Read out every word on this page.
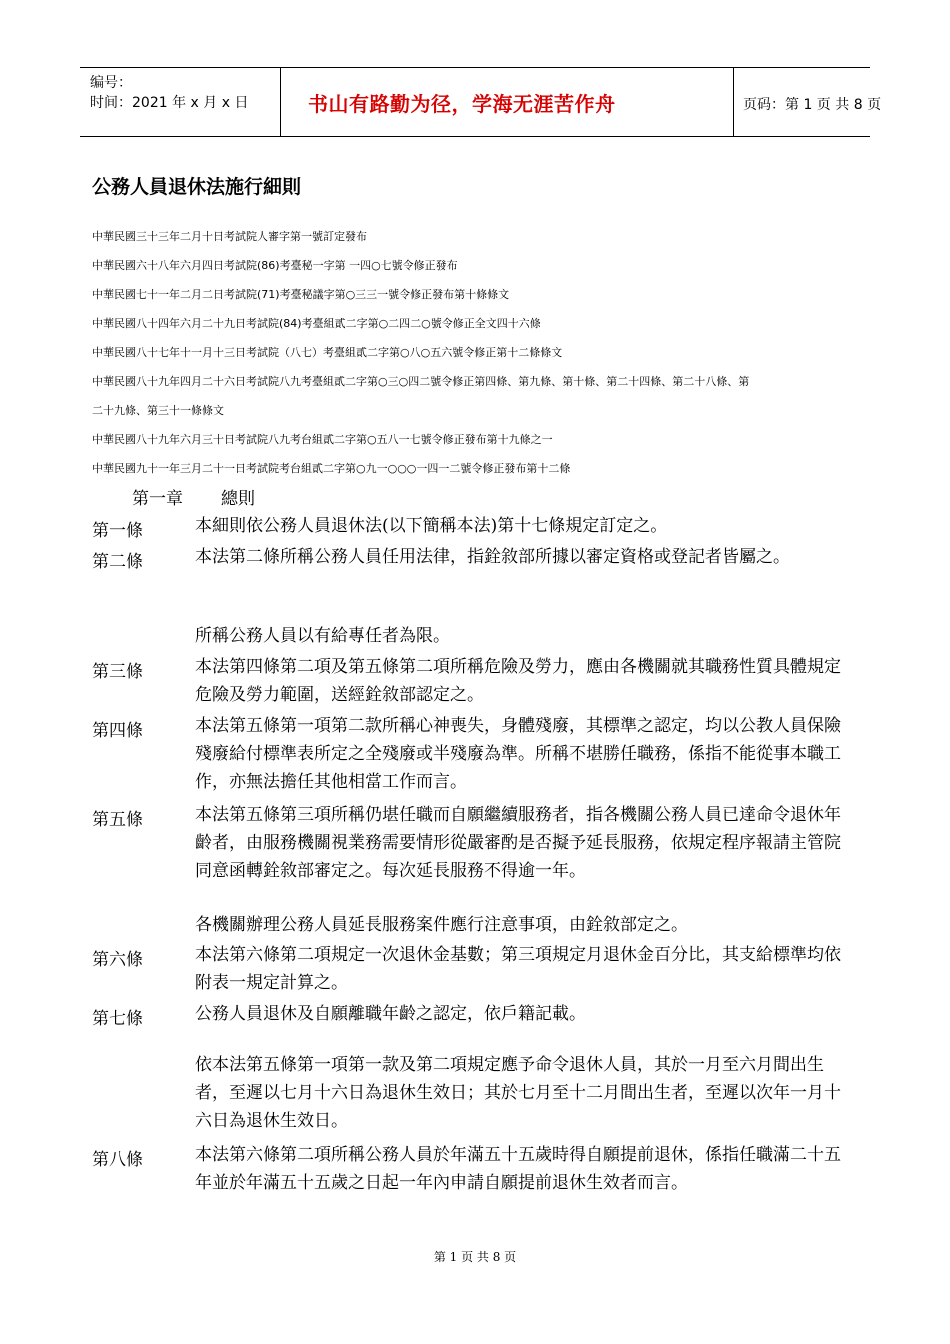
编号：
时间：2021 年 x 月 x 日	书山有路勤为径，学海无涯苦作舟	页码：第 1 页 共 8 页
公務人員退休法施行細則
中華民國三十三年二月十日考試院人審字第一號訂定發布
中華民國六十八年六月四日考試院(86)考臺秘一字第 一四○七號令修正發布
中華民國七十一年二月二日考試院(71)考臺秘議字第○三三一號令修正發布第十條條文
中華民國八十四年六月二十九日考試院(84)考臺組貳二字第○二四二○號令修正全文四十六條
中華民國八十七年十一月十三日考試院（八七）考臺組貳二字第○八○五六號令修正第十二條條文
中華民國八十九年四月二十六日考試院八九考臺組貳二字第○三○四二號令修正第四條、第九條、第十條、第二十四條、第二十八條、第
二十九條、第三十一條條文
中華民國八十九年六月三十日考試院八九考台組貳二字第○五八一七號令修正發布第十九條之一
中華民國九十一年三月二十一日考試院考台組貳二字第○九一○○○一四一二號令修正發布第十二條
第一章 總則
第一條	本細則依公務人員退休法(以下簡稱本法)第十七條規定訂定之。
第二條	本法第二條所稱公務人員任用法律，指銓敘部所據以審定資格或登記者皆屬之。
所稱公務人員以有給專任者為限。
第三條	本法第四條第二項及第五條第二項所稱危險及勞力，應由各機關就其職務性質具體規定危險及勞力範圍，送經銓敘部認定之。
第四條	本法第五條第一項第二款所稱心神喪失，身體殘廢，其標準之認定，均以公教人員保險殘廢給付標準表所定之全殘廢或半殘廢為準。所稱不堪勝任職務，係指不能從事本職工作，亦無法擔任其他相當工作而言。
第五條	本法第五條第三項所稱仍堪任職而自願繼續服務者，指各機關公務人員已達命令退休年齡者，由服務機關視業務需要情形從嚴審酌是否擬予延長服務，依規定程序報請主管院同意函轉銓敘部審定之。每次延長服務不得逾一年。
各機關辦理公務人員延長服務案件應行注意事項，由銓敘部定之。
第六條	本法第六條第二項規定一次退休金基數；第三項規定月退休金百分比，其支給標準均依附表一規定計算之。
第七條	公務人員退休及自願離職年齡之認定，依戶籍記載。
依本法第五條第一項第一款及第二項規定應予命令退休人員，其於一月至六月間出生者，至遲以七月十六日為退休生效日；其於七月至十二月間出生者，至遲以次年一月十六日為退休生效日。
第八條	本法第六條第二項所稱公務人員於年滿五十五歲時得自願提前退休，係指任職滿二十五年並於年滿五十五歲之日起一年內申請自願提前退休生效者而言。
第 1 页 共 8 页
